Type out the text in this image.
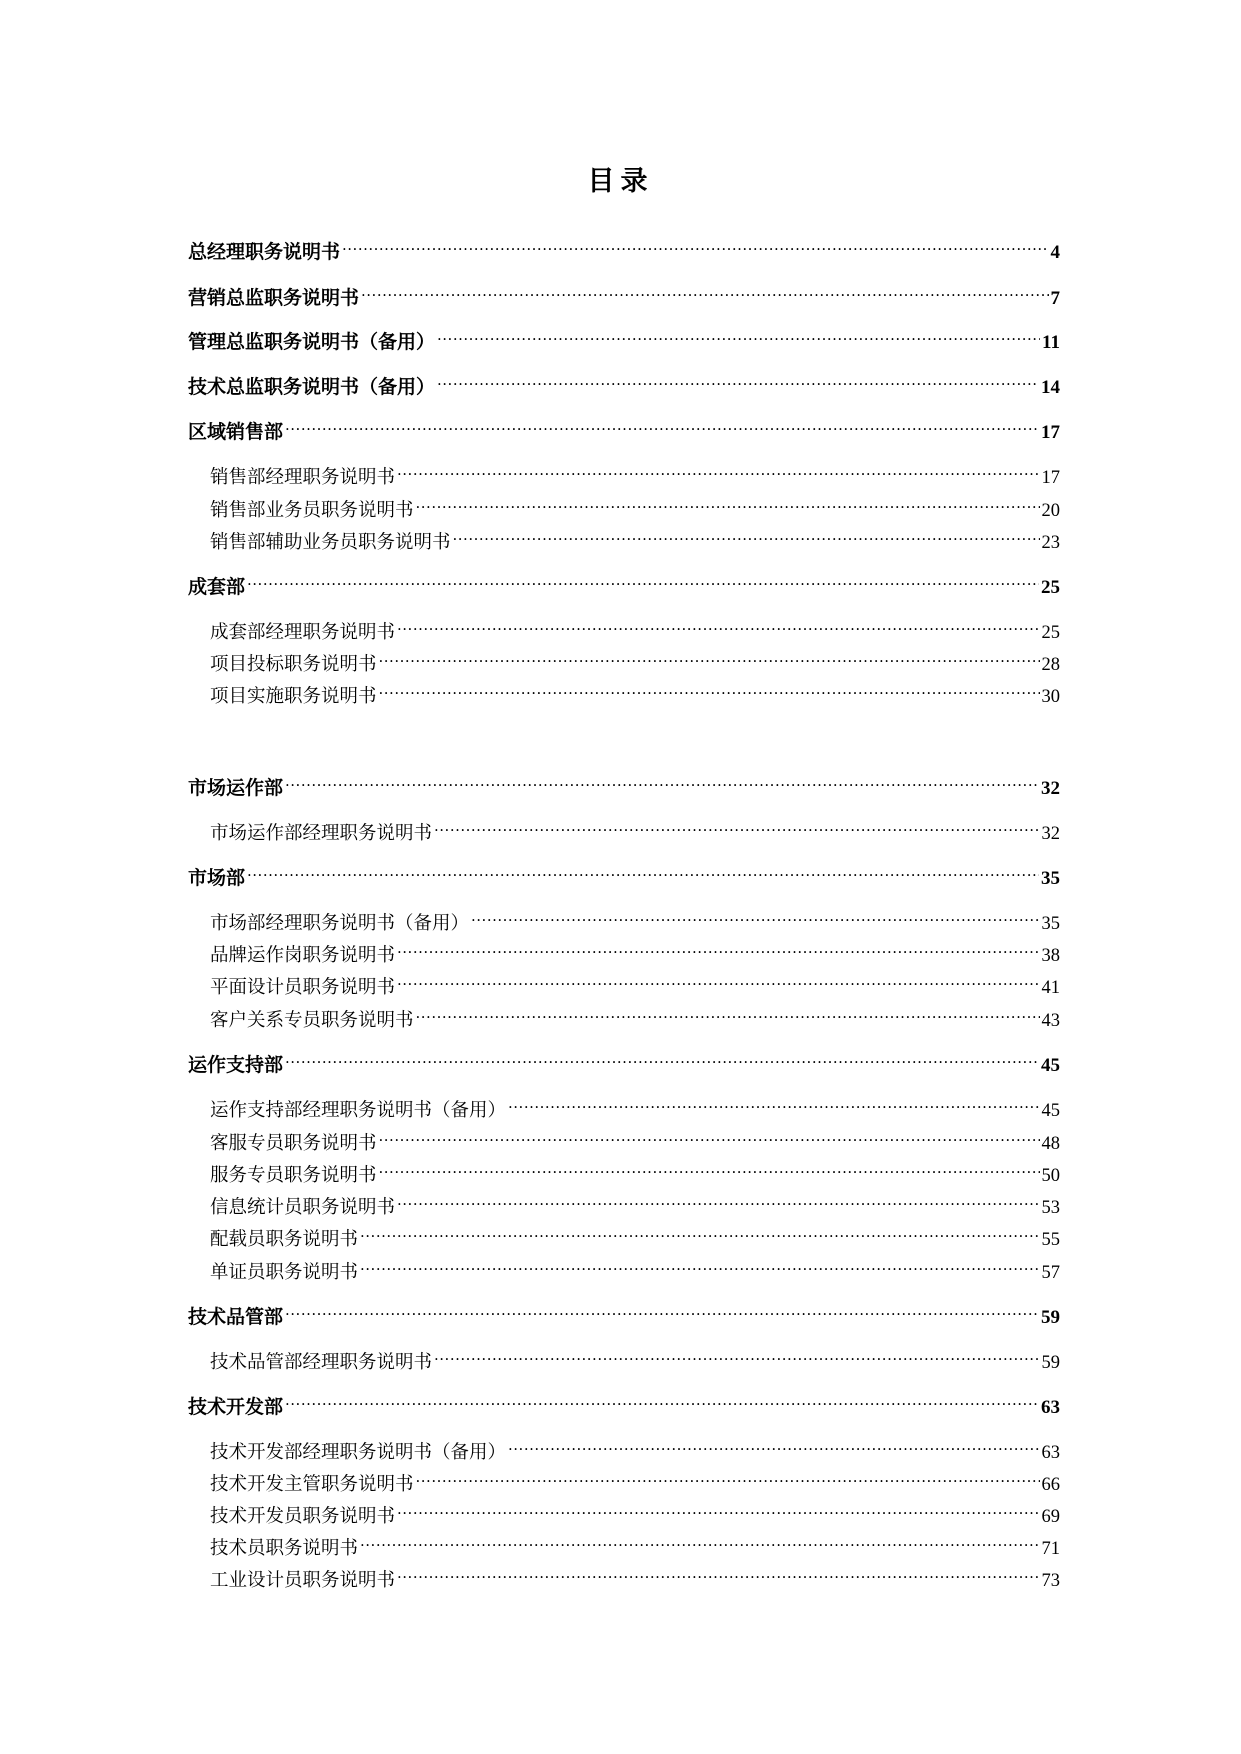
目录
总经理职务说明书 .....	4
营销总监职务说明书 .....	7
管理总监职务说明书（备用） .....	11
技术总监职务说明书（备用） .....	14
区域销售部 .....	17
销售部经理职务说明书 .....	17
销售部业务员职务说明书 .....	20
销售部辅助业务员职务说明书 .....	23
成套部 .....	25
成套部经理职务说明书 .....	25
项目投标职务说明书 .....	28
项目实施职务说明书 .....	30
市场运作部 .....	32
市场运作部经理职务说明书 .....	32
市场部 .....	35
市场部经理职务说明书（备用） .....	35
品牌运作岗职务说明书 .....	38
平面设计员职务说明书 .....	41
客户关系专员职务说明书 .....	43
运作支持部 .....	45
运作支持部经理职务说明书（备用） .....	45
客服专员职务说明书 .....	48
服务专员职务说明书 .....	50
信息统计员职务说明书 .....	53
配载员职务说明书 .....	55
单证员职务说明书 .....	57
技术品管部 .....	59
技术品管部经理职务说明书 .....	59
技术开发部 .....	63
技术开发部经理职务说明书（备用） .....	63
技术开发主管职务说明书 .....	66
技术开发员职务说明书 .....	69
技术员职务说明书 .....	71
工业设计员职务说明书 .....	73
